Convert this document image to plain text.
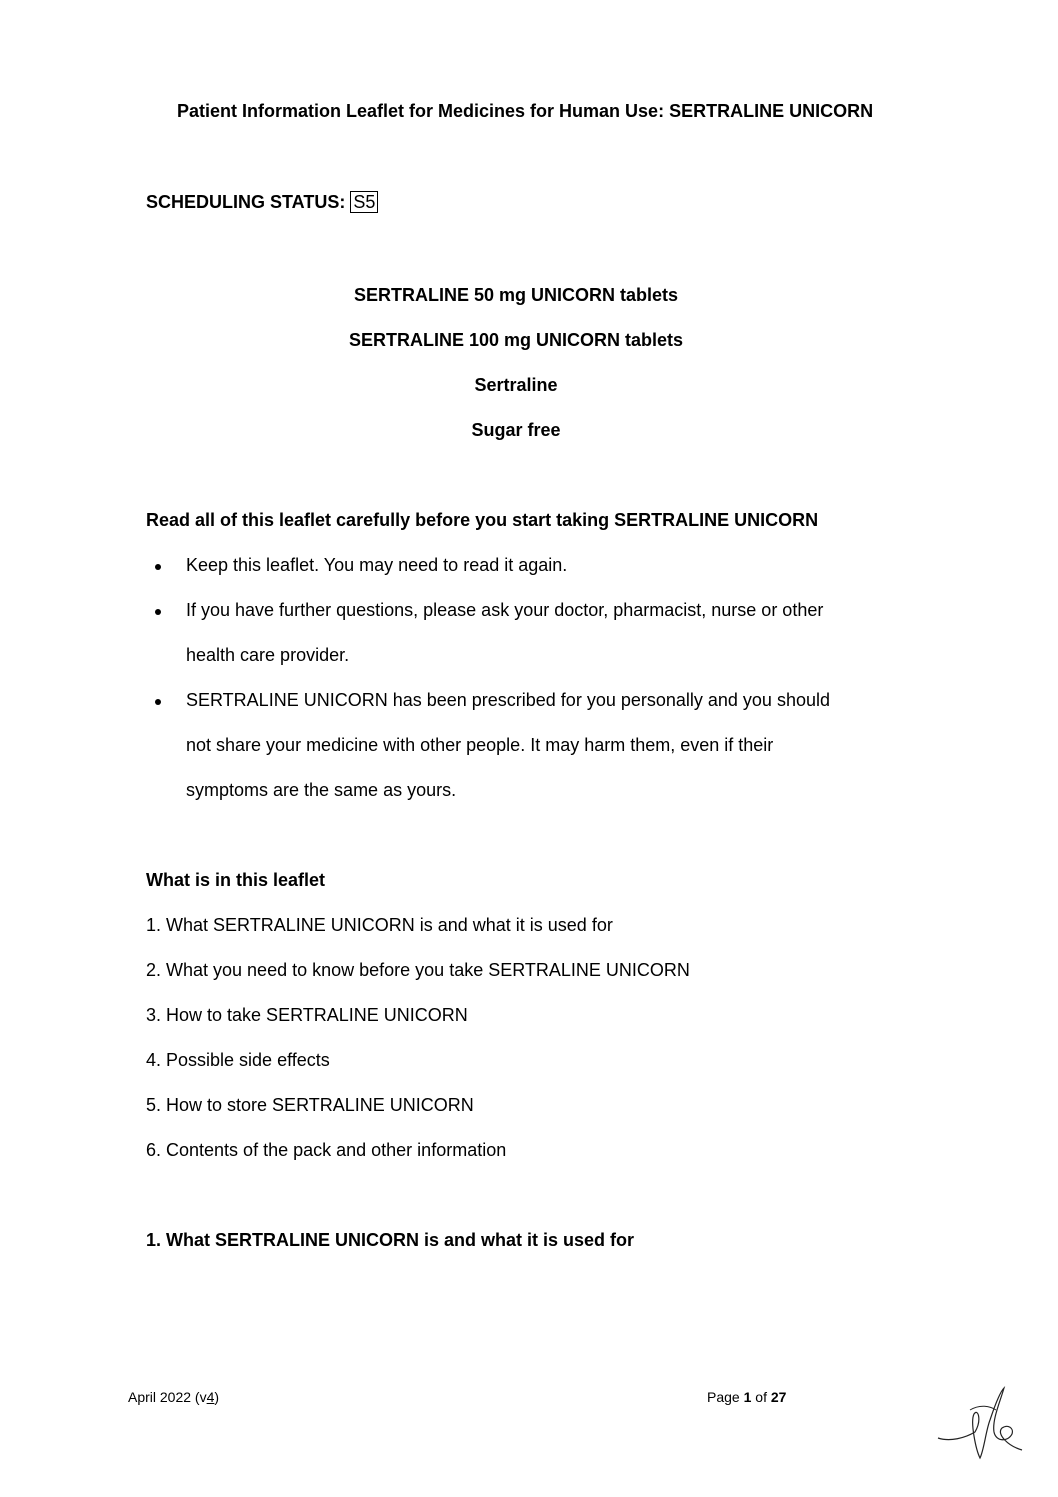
Patient Information Leaflet for Medicines for Human Use: SERTRALINE UNICORN
SCHEDULING STATUS: S5
SERTRALINE 50 mg UNICORN tablets
SERTRALINE 100 mg UNICORN tablets
Sertraline
Sugar free
Read all of this leaflet carefully before you start taking SERTRALINE UNICORN
Keep this leaflet. You may need to read it again.
If you have further questions, please ask your doctor, pharmacist, nurse or other
health care provider.
SERTRALINE UNICORN has been prescribed for you personally and you should
not share your medicine with other people. It may harm them, even if their
symptoms are the same as yours.
What is in this leaflet
1. What SERTRALINE UNICORN is and what it is used for
2. What you need to know before you take SERTRALINE UNICORN
3. How to take SERTRALINE UNICORN
4. Possible side effects
5. How to store SERTRALINE UNICORN
6. Contents of the pack and other information
1. What SERTRALINE UNICORN is and what it is used for
April 2022 (v4)	Page 1 of 27
